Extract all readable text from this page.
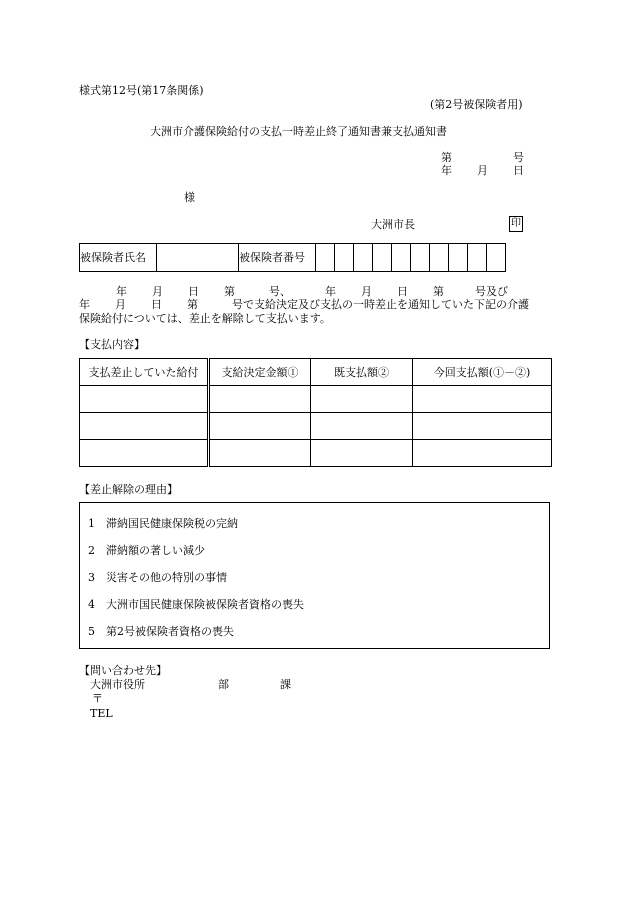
様式第12号(第17条関係)
(第2号被保険者用)
大洲市介護保険給付の支払一時差止終了通知書兼支払通知書
第	号
年 月 日
様
大洲市長	印
被保険者氏名		被保険者番号										
年 月 日 第	号、	年 月 日 第	号及び
年 月 日 第	号で支給決定及び支払の一時差止を通知していた下記の介護
保険給付については、差止を解除して支払います。
【支払内容】
支払差止していた給付	支給決定金額①	既支払額②	今回支払額(①－②)

【差止解除の理由】
1　滞納国民健康保険税の完納
2　滞納額の著しい減少
3　災害その他の特別の事情
4　大洲市国民健康保険被保険者資格の喪失
5　第2号被保険者資格の喪失
【問い合わせ先】
大洲市役所	部	課
〒
TEL
